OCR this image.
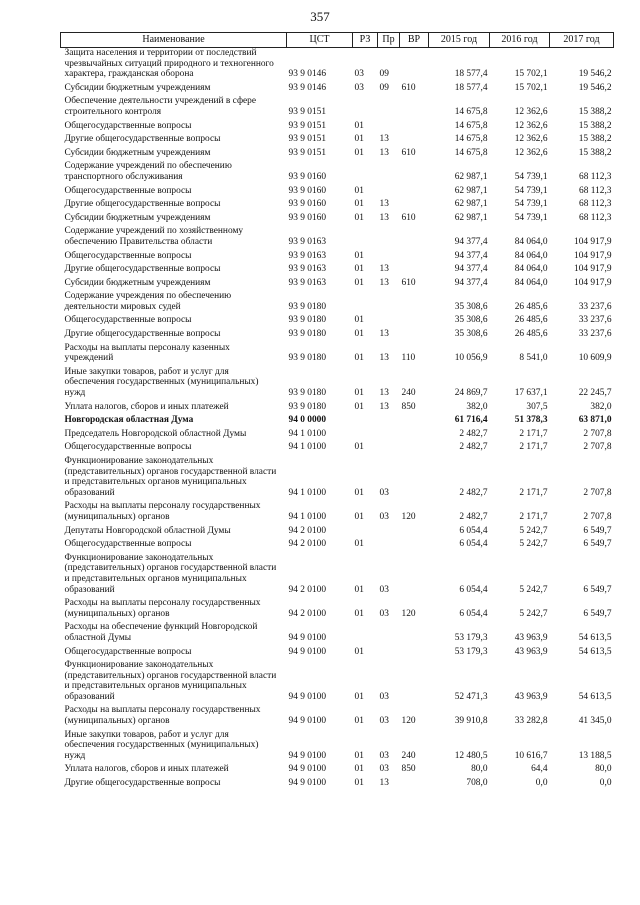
357
Наименование	ЦСТ	РЗ	Пр	ВР	2015 год	2016 год	2017 год
Защита населения и территории от последствий чрезвычайных ситуаций природного и техногенного характера, гражданская оборона	93 9 0146	03	09		18 577,4	15 702,1	19 546,2
Субсидии бюджетным учреждениям	93 9 0146	03	09	610	18 577,4	15 702,1	19 546,2
Обеспечение деятельности учреждений в сфере строительного контроля	93 9 0151				14 675,8	12 362,6	15 388,2
Общегосударственные вопросы	93 9 0151	01			14 675,8	12 362,6	15 388,2
Другие общегосударственные вопросы	93 9 0151	01	13		14 675,8	12 362,6	15 388,2
Субсидии бюджетным учреждениям	93 9 0151	01	13	610	14 675,8	12 362,6	15 388,2
Содержание учреждений по обеспечению транспортного обслуживания	93 9 0160				62 987,1	54 739,1	68 112,3
Общегосударственные вопросы	93 9 0160	01			62 987,1	54 739,1	68 112,3
Другие общегосударственные вопросы	93 9 0160	01	13		62 987,1	54 739,1	68 112,3
Субсидии бюджетным учреждениям	93 9 0160	01	13	610	62 987,1	54 739,1	68 112,3
Содержание учреждений по хозяйственному обеспечению Правительства области	93 9 0163				94 377,4	84 064,0	104 917,9
Общегосударственные вопросы	93 9 0163	01			94 377,4	84 064,0	104 917,9
Другие общегосударственные вопросы	93 9 0163	01	13		94 377,4	84 064,0	104 917,9
Субсидии бюджетным учреждениям	93 9 0163	01	13	610	94 377,4	84 064,0	104 917,9
Содержание учреждения по обеспечению деятельности мировых судей	93 9 0180				35 308,6	26 485,6	33 237,6
Общегосударственные вопросы	93 9 0180	01			35 308,6	26 485,6	33 237,6
Другие общегосударственные вопросы	93 9 0180	01	13		35 308,6	26 485,6	33 237,6
Расходы на выплаты персоналу казенных учреждений	93 9 0180	01	13	110	10 056,9	8 541,0	10 609,9
Иные закупки товаров, работ и услуг для обеспечения государственных (муниципальных) нужд	93 9 0180	01	13	240	24 869,7	17 637,1	22 245,7
Уплата налогов, сборов и иных платежей	93 9 0180	01	13	850	382,0	307,5	382,0
Новгородская областная Дума	94 0 0000				61 716,4	51 378,3	63 871,0
Председатель Новгородской областной Думы	94 1 0100				2 482,7	2 171,7	2 707,8
Общегосударственные вопросы	94 1 0100	01			2 482,7	2 171,7	2 707,8
Функционирование законодательных (представительных) органов государственной власти и представительных органов муниципальных образований	94 1 0100	01	03		2 482,7	2 171,7	2 707,8
Расходы на выплаты персоналу государственных (муниципальных) органов	94 1 0100	01	03	120	2 482,7	2 171,7	2 707,8
Депутаты Новгородской областной Думы	94 2 0100				6 054,4	5 242,7	6 549,7
Общегосударственные вопросы	94 2 0100	01			6 054,4	5 242,7	6 549,7
Функционирование законодательных (представительных) органов государственной власти и представительных органов муниципальных образований	94 2 0100	01	03		6 054,4	5 242,7	6 549,7
Расходы на выплаты персоналу государственных (муниципальных) органов	94 2 0100	01	03	120	6 054,4	5 242,7	6 549,7
Расходы на обеспечение функций Новгородской областной Думы	94 9 0100				53 179,3	43 963,9	54 613,5
Общегосударственные вопросы	94 9 0100	01			53 179,3	43 963,9	54 613,5
Функционирование законодательных (представительных) органов государственной власти и представительных органов муниципальных образований	94 9 0100	01	03		52 471,3	43 963,9	54 613,5
Расходы на выплаты персоналу государственных (муниципальных) органов	94 9 0100	01	03	120	39 910,8	33 282,8	41 345,0
Иные закупки товаров, работ и услуг для обеспечения государственных (муниципальных) нужд	94 9 0100	01	03	240	12 480,5	10 616,7	13 188,5
Уплата налогов, сборов и иных платежей	94 9 0100	01	03	850	80,0	64,4	80,0
Другие общегосударственные вопросы	94 9 0100	01	13		708,0	0,0	0,0
